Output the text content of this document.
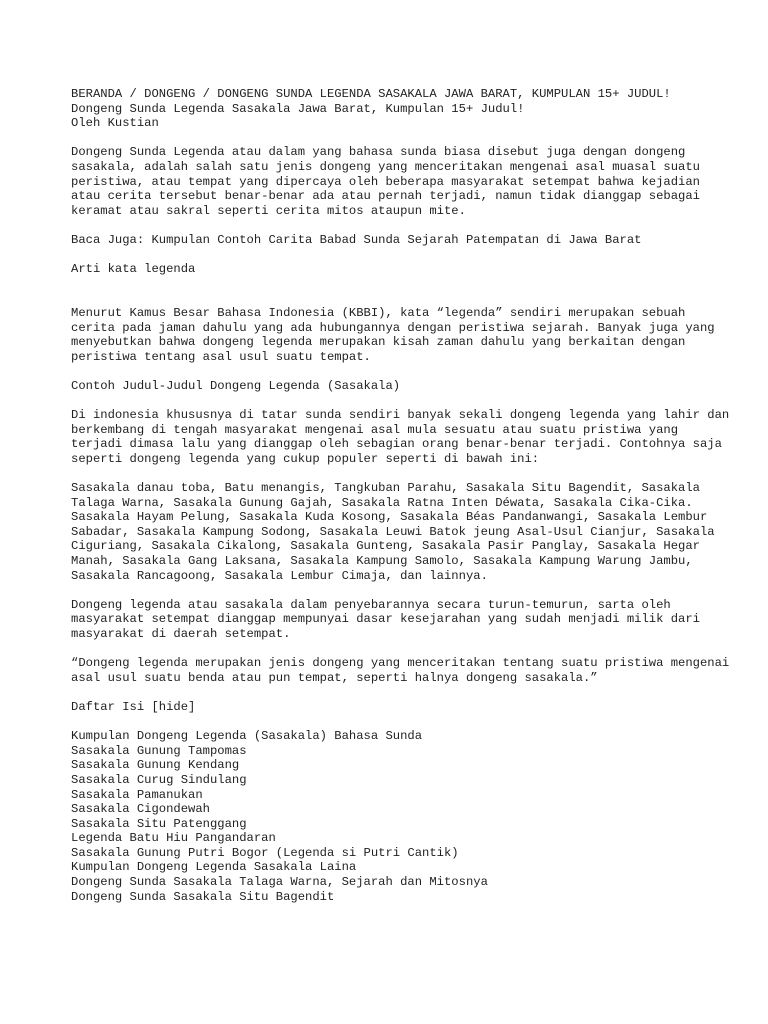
BERANDA / DONGENG / DONGENG SUNDA LEGENDA SASAKALA JAWA BARAT, KUMPULAN 15+ JUDUL!
Dongeng Sunda Legenda Sasakala Jawa Barat, Kumpulan 15+ Judul!
Oleh Kustian

Dongeng Sunda Legenda atau dalam yang bahasa sunda biasa disebut juga dengan dongeng sasakala, adalah salah satu jenis dongeng yang menceritakan mengenai asal muasal suatu peristiwa, atau tempat yang dipercaya oleh beberapa masyarakat setempat bahwa kejadian atau cerita tersebut benar-benar ada atau pernah terjadi, namun tidak dianggap sebagai keramat atau sakral seperti cerita mitos ataupun mite.

Baca Juga: Kumpulan Contoh Carita Babad Sunda Sejarah Patempatan di Jawa Barat

Arti kata legenda

Menurut Kamus Besar Bahasa Indonesia (KBBI), kata “legenda” sendiri merupakan sebuah cerita pada jaman dahulu yang ada hubungannya dengan peristiwa sejarah. Banyak juga yang menyebutkan bahwa dongeng legenda merupakan kisah zaman dahulu yang berkaitan dengan peristiwa tentang asal usul suatu tempat.

Contoh Judul-Judul Dongeng Legenda (Sasakala)

Di indonesia khususnya di tatar sunda sendiri banyak sekali dongeng legenda yang lahir dan berkembang di tengah masyarakat mengenai asal mula sesuatu atau suatu pristiwa yang terjadi dimasa lalu yang dianggap oleh sebagian orang benar-benar terjadi. Contohnya saja seperti dongeng legenda yang cukup populer seperti di bawah ini:

Sasakala danau toba, Batu menangis, Tangkuban Parahu, Sasakala Situ Bagendit, Sasakala Talaga Warna, Sasakala Gunung Gajah, Sasakala Ratna Inten Déwata, Sasakala Cika-Cika. Sasakala Hayam Pelung, Sasakala Kuda Kosong, Sasakala Béas Pandanwangi, Sasakala Lembur Sabadar, Sasakala Kampung Sodong, Sasakala Leuwi Batok jeung Asal-Usul Cianjur, Sasakala Ciguriang, Sasakala Cikalong, Sasakala Gunteng, Sasakala Pasir Panglay, Sasakala Hegar Manah, Sasakala Gang Laksana, Sasakala Kampung Samolo, Sasakala Kampung Warung Jambu, Sasakala Rancagoong, Sasakala Lembur Cimaja, dan lainnya.

Dongeng legenda atau sasakala dalam penyebarannya secara turun-temurun, sarta oleh masyarakat setempat dianggap mempunyai dasar kesejarahan yang sudah menjadi milik dari masyarakat di daerah setempat.

“Dongeng legenda merupakan jenis dongeng yang menceritakan tentang suatu pristiwa mengenai asal usul suatu benda atau pun tempat, seperti halnya dongeng sasakala.”

Daftar Isi [hide]

Kumpulan Dongeng Legenda (Sasakala) Bahasa Sunda
Sasakala Gunung Tampomas
Sasakala Gunung Kendang
Sasakala Curug Sindulang
Sasakala Pamanukan
Sasakala Cigondewah
Sasakala Situ Patenggang
Legenda Batu Hiu Pangandaran
Sasakala Gunung Putri Bogor (Legenda si Putri Cantik)
Kumpulan Dongeng Legenda Sasakala Laina
Dongeng Sunda Sasakala Talaga Warna, Sejarah dan Mitosnya
Dongeng Sunda Sasakala Situ Bagendit
